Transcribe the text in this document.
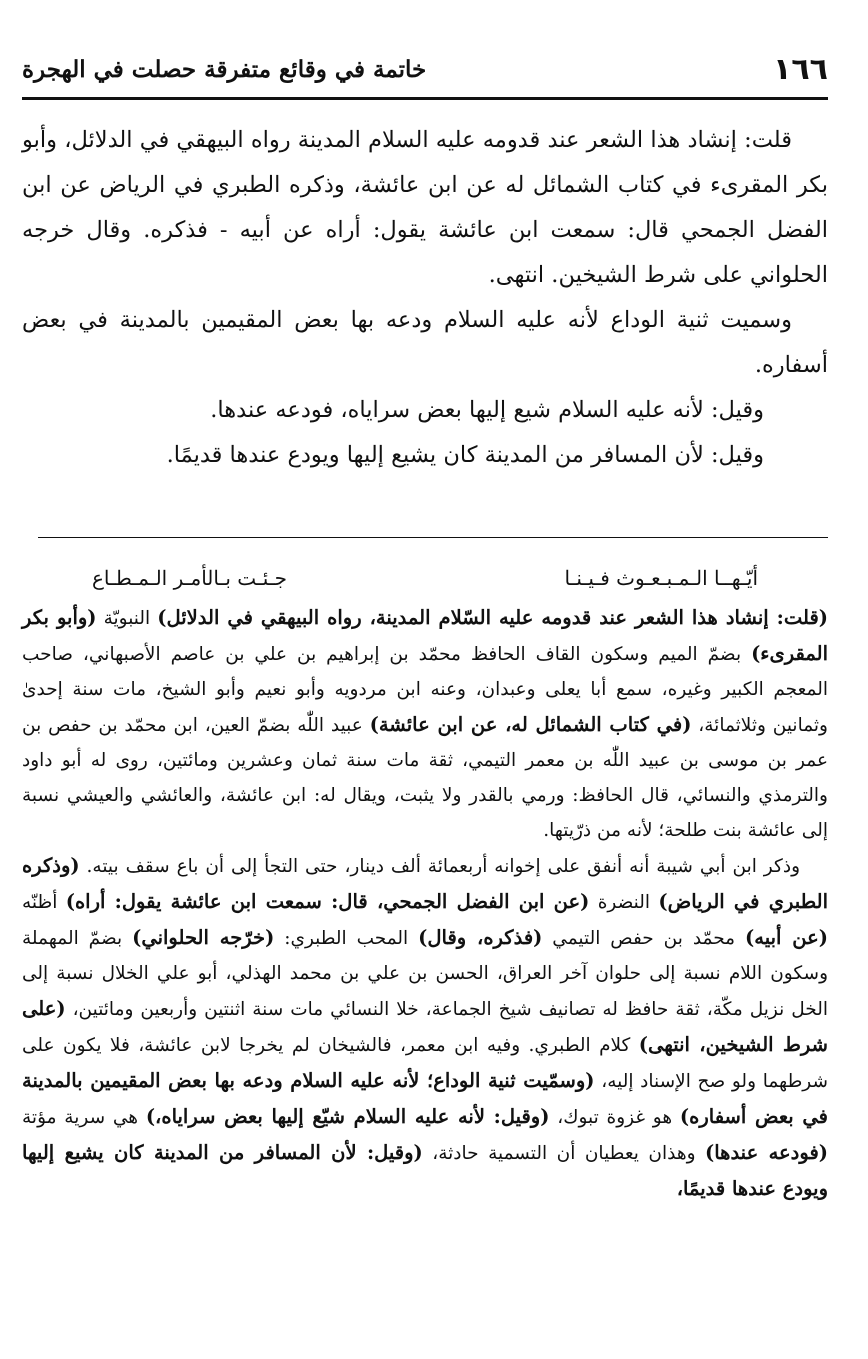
١٦٦
خاتمة في وقائع متفرقة حصلت في الهجرة

قلت: إنشاد هذا الشعر عند قدومه عليه السلام المدينة رواه البيهقي في الدلائل، وأبو بكر المقرىء في كتاب الشمائل له عن ابن عائشة، وذكره الطبري في الرياض عن ابن الفضل الجمحي قال: سمعت ابن عائشة يقول: أراه عن أبيه - فذكره. وقال خرجه الحلواني على شرط الشيخين. انتهى.

وسميت ثنية الوداع لأنه عليه السلام ودعه بها بعض المقيمين بالمدينة في بعض أسفاره.

وقيل: لأنه عليه السلام شيع إليها بعض سراياه، فودعه عندها.

وقيل: لأن المسافر من المدينة كان يشيع إليها ويودع عندها قديمًا.

أيّـهــا الـمـبـعـوث فـيـنـا
جـئـت بـالأمـر الـمـطـاع

(قلت: إنشاد هذا الشعر عند قدومه عليه السّلام المدينة، رواه البيهقي في الدلائل) النبويّة (وأبو بكر المقرىء) بضمّ الميم وسكون القاف الحافظ محمّد بن إبراهيم بن علي بن عاصم الأصبهاني، صاحب المعجم الكبير وغيره، سمع أبا يعلى وعبدان، وعنه ابن مردويه وأبو نعيم وأبو الشيخ، مات سنة إحدىٰ وثمانين وثلاثمائة، (في كتاب الشمائل له، عن ابن عائشة) عبيد اللّٰه بضمّ العين، ابن محمّد بن حفص بن عمر بن موسى بن عبيد اللّٰه بن معمر التيمي، ثقة مات سنة ثمان وعشرين ومائتين، روى له أبو داود والترمذي والنسائي، قال الحافظ: ورمي بالقدر ولا يثبت، ويقال له: ابن عائشة، والعائشي والعيشي نسبة إلى عائشة بنت طلحة؛ لأنه من ذرّيتها.

وذكر ابن أبي شيبة أنه أنفق على إخوانه أربعمائة ألف دينار، حتى التجأ إلى أن باع سقف بيته. (وذكره الطبري في الرياض) النضرة (عن ابن الفضل الجمحي، قال: سمعت ابن عائشة يقول: أراه) أظنّه (عن أبيه) محمّد بن حفص التيمي (فذكره، وقال) المحب الطبري: (خرّجه الحلواني) بضمّ المهملة وسكون اللام نسبة إلى حلوان آخر العراق، الحسن بن علي بن محمد الهذلي، أبو علي الخلال نسبة إلى الخل نزيل مكّة، ثقة حافظ له تصانيف شيخ الجماعة، خلا النسائي مات سنة اثنتين وأربعين ومائتين، (على شرط الشيخين، انتهى) كلام الطبري. وفيه ابن معمر، فالشيخان لم يخرجا لابن عائشة، فلا يكون على شرطهما ولو صح الإسناد إليه، (وسمّيت ثنية الوداع؛ لأنه عليه السلام ودعه بها بعض المقيمين بالمدينة في بعض أسفاره) هو غزوة تبوك، (وقيل: لأنه عليه السلام شيّع إليها بعض سراياه،) هي سرية مؤتة (فودعه عندها) وهذان يعطيان أن التسمية حادثة، (وقيل: لأن المسافر من المدينة كان يشيع إليها ويودع عندها قديمًا،
